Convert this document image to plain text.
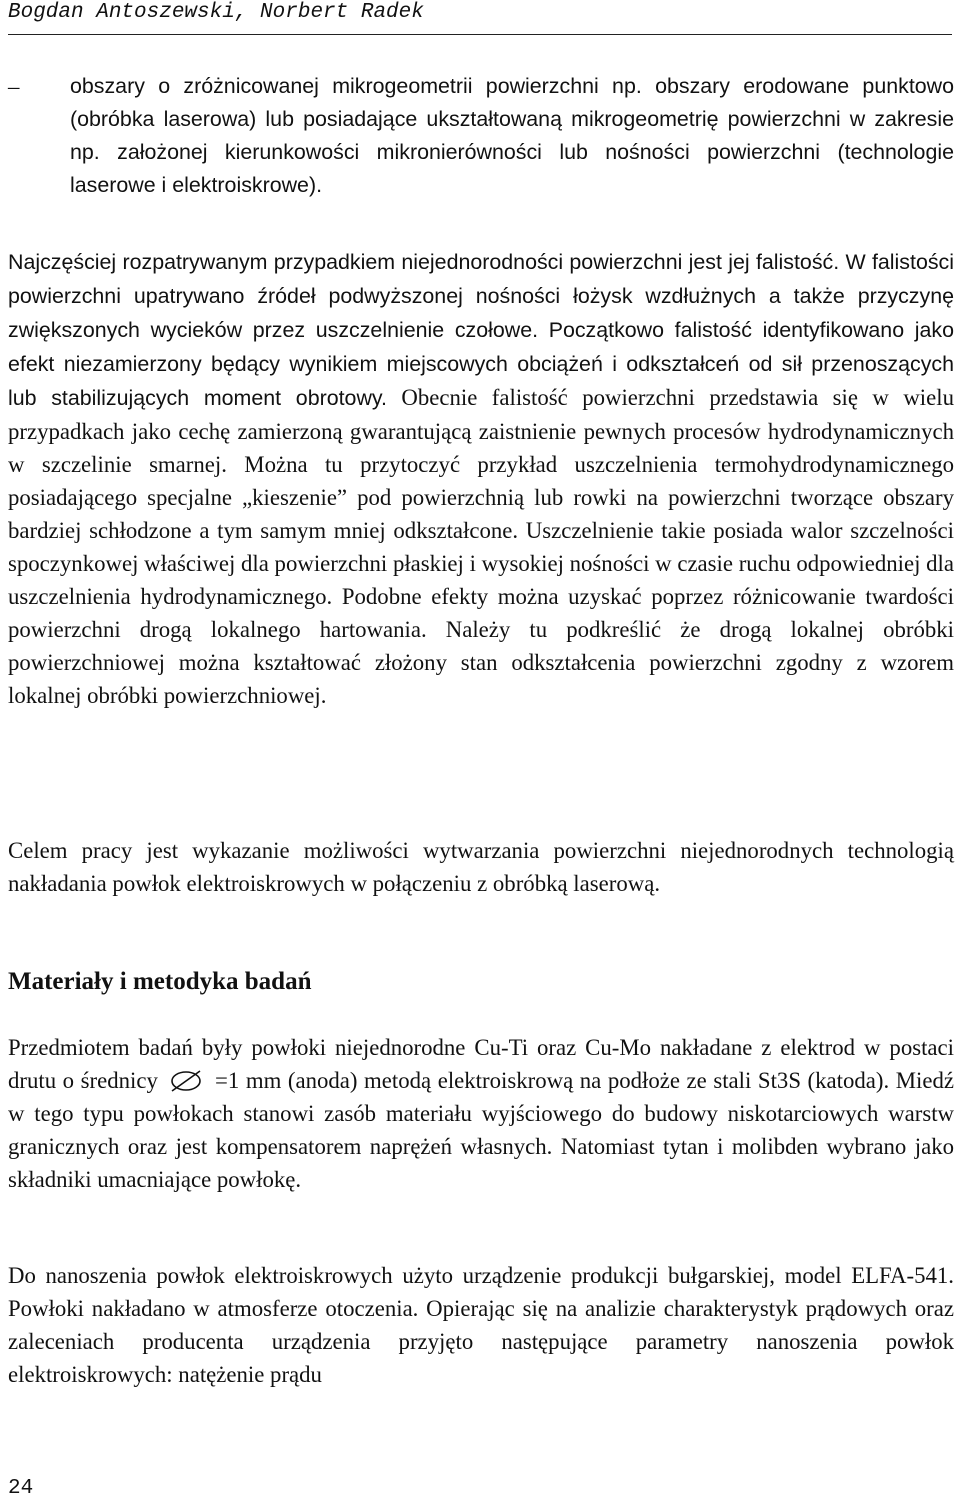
Bogdan Antoszewski, Norbert Radek
– obszary o zróżnicowanej mikrogeometrii powierzchni np. obszary erodowane punktowo (obróbka laserowa) lub posiadające ukształtowaną mikrogeometrię powierzchni w zakresie np. założonej kierunkowości mikronierówności lub nośności powierzchni (technologie laserowe i elektroiskrowe).
Najczęściej rozpatrywanym przypadkiem niejednorodności powierzchni jest jej falistość. W falistości powierzchni upatrywano źródeł podwyższonej nośności łożysk wzdłużnych a także przyczynę zwiększonych wycieków przez uszczelnienie czołowe. Początkowo falistość identyfikowano jako efekt niezamierzony będący wynikiem miejscowych obciążeń i odkształceń od sił przenoszących lub stabilizujących moment obrotowy. Obecnie falistość powierzchni przedstawia się w wielu przypadkach jako cechę zamierzoną gwarantującą zaistnienie pewnych procesów hydrodynamicznych w szczelinie smarnej. Można tu przytoczyć przykład uszczelnienia termohydrodynamicznego posiadającego specjalne „kieszenie” pod powierzchnią lub rowki na powierzchni tworzące obszary bardziej schłodzone a tym samym mniej odkształcone. Uszczelnienie takie posiada walor szczelności spoczynkowej właściwej dla powierzchni płaskiej i wysokiej nośności w czasie ruchu odpowiedniej dla uszczelnienia hydrodynamicznego. Podobne efekty można uzyskać poprzez różnicowanie twardości powierzchni drogą lokalnego hartowania. Należy tu podkreślić że drogą lokalnej obróbki powierzchniowej można kształtować złożony stan odkształcenia powierzchni zgodny z wzorem lokalnej obróbki powierzchniowej.
Celem pracy jest wykazanie możliwości wytwarzania powierzchni niejednorodnych technologią nakładania powłok elektroiskrowych w połączeniu z obróbką laserową.
Materiały i metodyka badań
Przedmiotem badań były powłoki niejednorodne Cu-Ti oraz Cu-Mo nakładane z elektrod w postaci drutu o średnicy	=1 mm (anoda) metodą elektroiskrową na podłoże ze stali St3S (katoda). Miedź w tego typu powłokach stanowi zasób materiału wyjściowego do budowy niskotarciowych warstw granicznych oraz jest kompensatorem naprężeń własnych. Natomiast tytan i molibden wybrano jako składniki umacniające powłokę.
Do nanoszenia powłok elektroiskrowych użyto urządzenie produkcji bułgarskiej, model ELFA-541. Powłoki nakładano w atmosferze otoczenia. Opierając się na analizie charakterystyk prądowych oraz zaleceniach producenta urządzenia przyjęto następujące parametry nanoszenia powłok elektroiskrowych: natężenie prądu
24
